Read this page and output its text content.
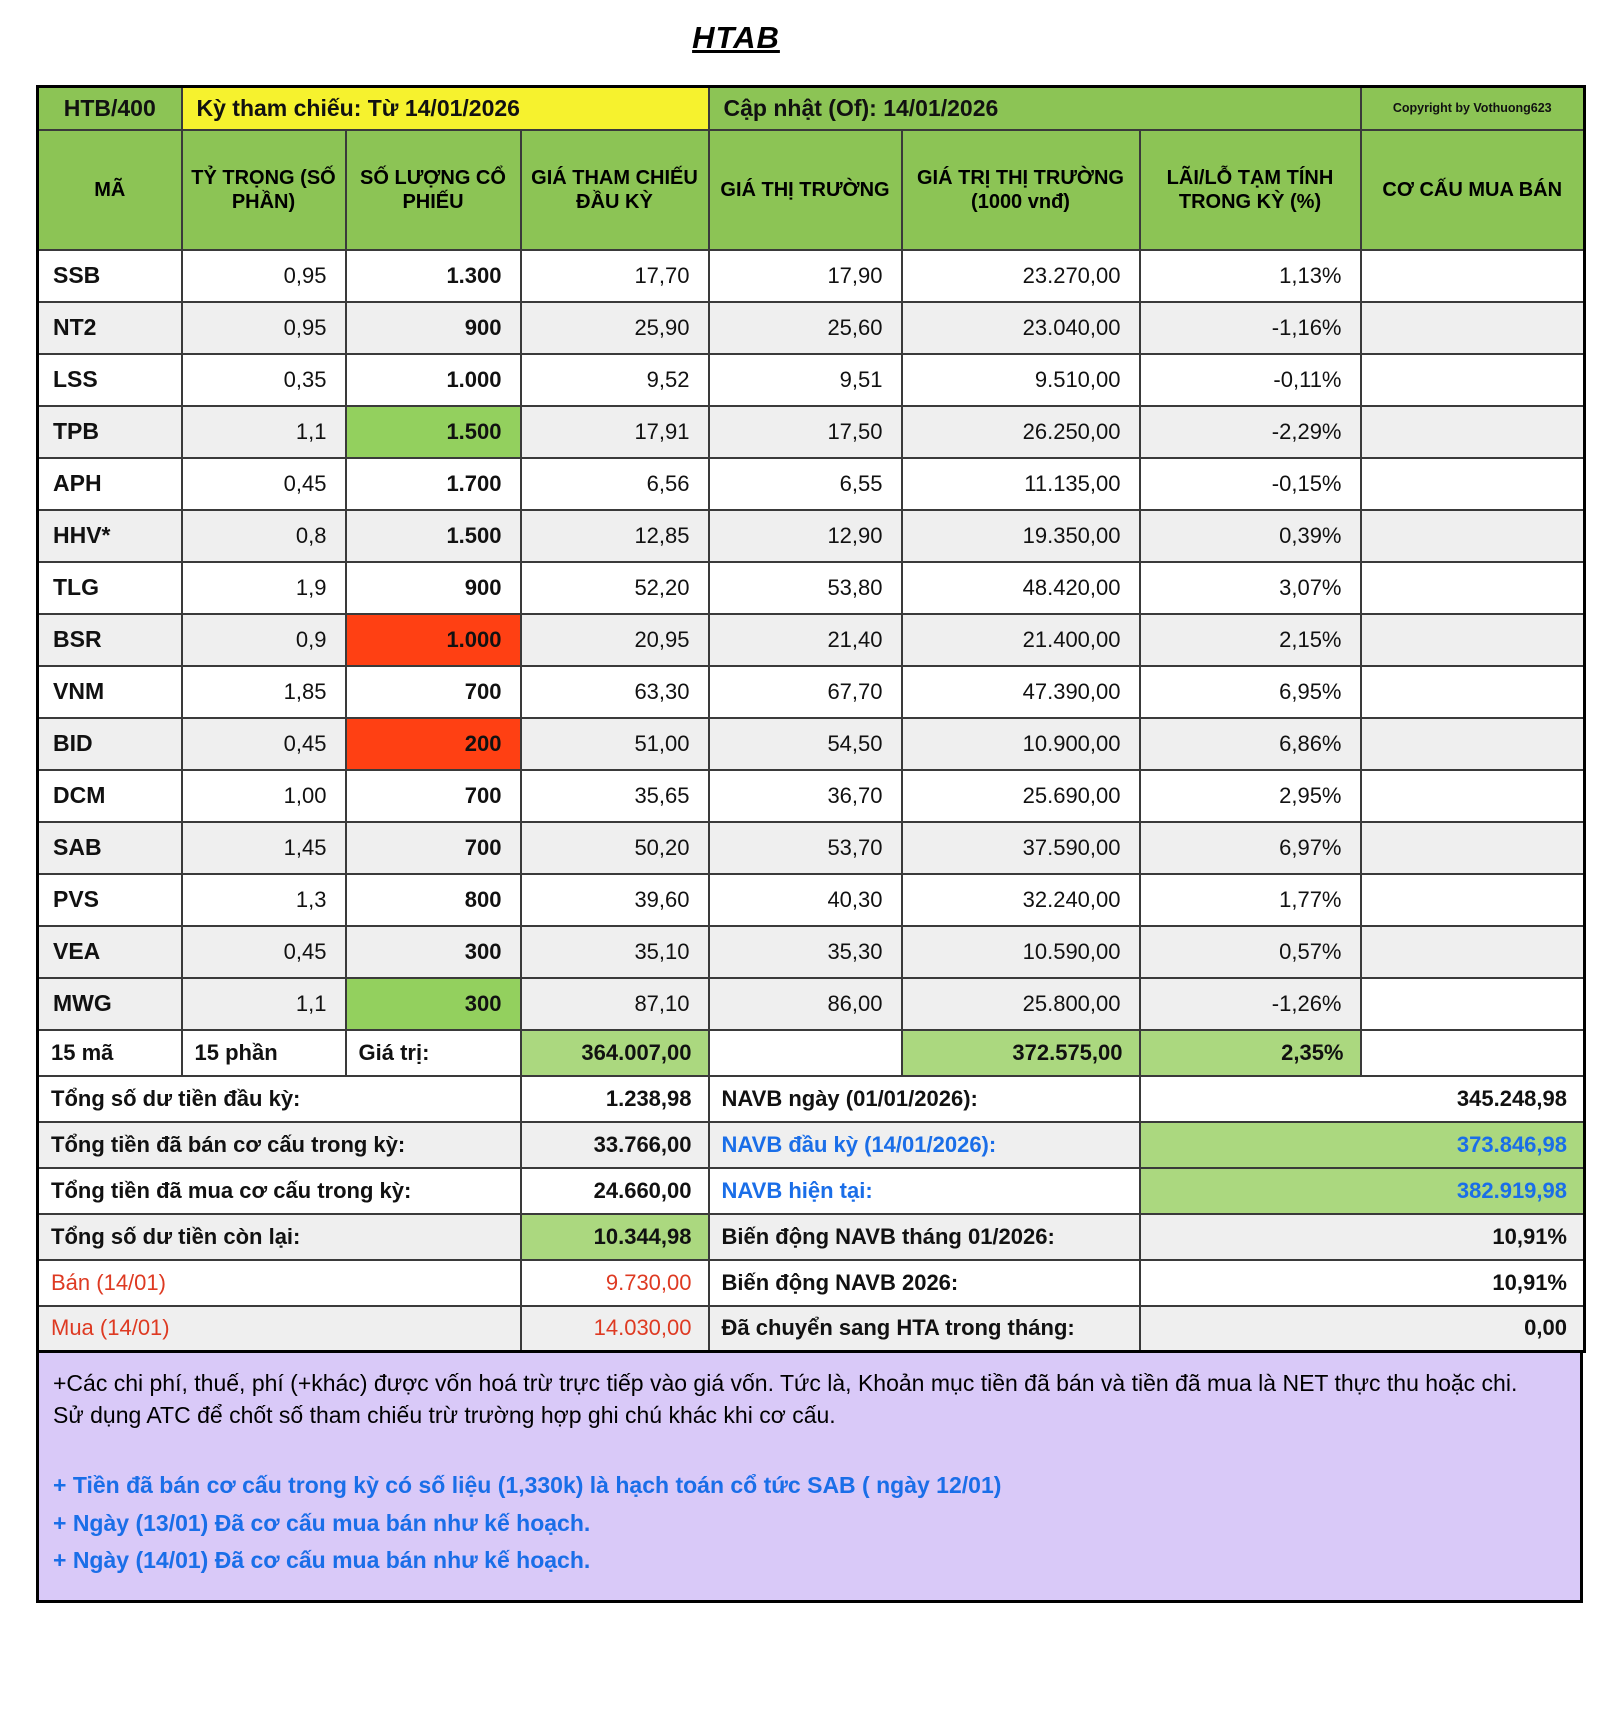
HTAB
HTB/400	Kỳ tham chiếu: Từ 14/01/2026			Cập nhật (Of): 14/01/2026			Copyright by Vothuong623
MÃ	TỶ TRỌNG (SỐ PHẦN)	SỐ LƯỢNG CỔ PHIẾU	GIÁ THAM CHIẾU ĐẦU KỲ	GIÁ THỊ TRƯỜNG	GIÁ TRỊ THỊ TRƯỜNG (1000 vnđ)	LÃI/LỖ TẠM TÍNH TRONG KỲ (%)	CƠ CẤU MUA BÁN
SSB	0,95	1.300	17,70	17,90	23.270,00	1,13%	
NT2	0,95	900	25,90	25,60	23.040,00	-1,16%	
LSS	0,35	1.000	9,52	9,51	9.510,00	-0,11%	
TPB	1,1	1.500	17,91	17,50	26.250,00	-2,29%	
APH	0,45	1.700	6,56	6,55	11.135,00	-0,15%	
HHV*	0,8	1.500	12,85	12,90	19.350,00	0,39%	
TLG	1,9	900	52,20	53,80	48.420,00	3,07%	
BSR	0,9	1.000	20,95	21,40	21.400,00	2,15%	
VNM	1,85	700	63,30	67,70	47.390,00	6,95%	
BID	0,45	200	51,00	54,50	10.900,00	6,86%	
DCM	1,00	700	35,65	36,70	25.690,00	2,95%	
SAB	1,45	700	50,20	53,70	37.590,00	6,97%	
PVS	1,3	800	39,60	40,30	32.240,00	1,77%	
VEA	0,45	300	35,10	35,30	10.590,00	0,57%	
MWG	1,1	300	87,10	86,00	25.800,00	-1,26%	
15 mã	15 phần	Giá trị:	364.007,00		372.575,00	2,35%	
Tổng số dư tiền đầu kỳ:			1.238,98	NAVB ngày (01/01/2026):		345.248,98	
Tổng tiền đã bán cơ cấu trong kỳ:			33.766,00	NAVB đầu kỳ (14/01/2026):		373.846,98	
Tổng tiền đã mua cơ cấu trong kỳ:			24.660,00	NAVB hiện tại:		382.919,98	
Tổng số dư tiền còn lại:			10.344,98	Biến động NAVB tháng 01/2026:		10,91%	
Bán (14/01)			9.730,00	Biến động NAVB 2026:		10,91%	
Mua (14/01)			14.030,00	Đã chuyển sang HTA trong tháng:		0,00	
+Các chi phí, thuế, phí (+khác) được vốn hoá trừ trực tiếp vào giá vốn. Tức là, Khoản mục tiền đã bán và tiền đã mua là NET thực thu hoặc chi. Sử dụng ATC để chốt số tham chiếu trừ trường hợp ghi chú khác khi cơ cấu.
+ Tiền đã bán cơ cấu trong kỳ có số liệu (1,330k) là hạch toán cổ tức SAB ( ngày 12/01)
+ Ngày (13/01) Đã cơ cấu mua bán như kế hoạch.
+ Ngày (14/01) Đã cơ cấu mua bán như kế hoạch.
